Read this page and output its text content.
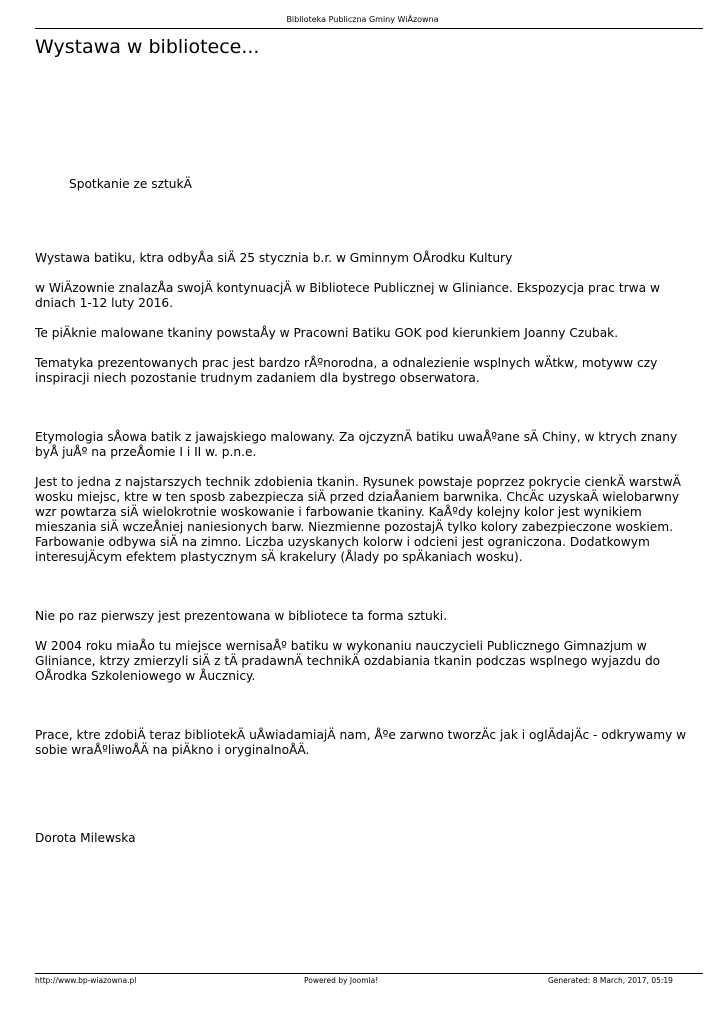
Biblioteka Publiczna Gminy WiÄzowna
Wystawa w bibliotece...
Spotkanie ze sztukÄ
Wystawa batiku, ktra odbyÅa siÄ 25 stycznia b.r. w Gminnym OÅrodku Kultury
w WiÄzownie znalazÅa swojÄ kontynuacjÄ w Bibliotece Publicznej w Gliniance. Ekspozycja prac trwa w dniach 1-12 luty 2016.
Te piÄknie malowane tkaniny powstaÅy w Pracowni Batiku GOK pod kierunkiem Joanny Czubak.
Tematyka prezentowanych prac jest bardzo rÅºnorodna, a odnalezienie wsplnych wÄtkw, motyww czy inspiracji niech pozostanie trudnym zadaniem dla bystrego obserwatora.
Etymologia sÅowa batik z jawajskiego malowany. Za ojczyznÄ batiku uwaÅºane sÄ Chiny, w ktrych znany byÅ juÅº na przeÅomie I i II w. p.n.e.
Jest to jedna z najstarszych technik zdobienia tkanin. Rysunek powstaje poprzez pokrycie cienkÄ warstwÄ wosku miejsc, ktre w ten sposb zabezpiecza siÄ przed dziaÅaniem barwnika. ChcÄc uzyskaÄ wielobarwny wzr powtarza siÄ wielokrotnie woskowanie i farbowanie tkaniny. KaÅºdy kolejny kolor jest wynikiem mieszania siÄ wczeÅniej naniesionych barw. Niezmienne pozostajÄ tylko kolory zabezpieczone woskiem. Farbowanie odbywa siÄ na zimno. Liczba uzyskanych kolorw i odcieni jest ograniczona. Dodatkowym interesujÄcym efektem plastycznym sÄ krakelury (Ålady po spÄkaniach wosku).
Nie po raz pierwszy jest prezentowana w bibliotece ta forma sztuki.
W 2004 roku miaÅo tu miejsce wernisaÅº batiku w wykonaniu nauczycieli Publicznego Gimnazjum w Gliniance, ktrzy zmierzyli siÄ z tÄ pradawnÄ technikÄ ozdabiania tkanin podczas wsplnego wyjazdu do OÅrodka Szkoleniowego w Åucznicy.
Prace, ktre zdobiÄ teraz bibliotekÄ uÅwiadamiajÄ nam, Åºe zarwno tworzÄc jak i oglÄdajÄc - odkrywamy w sobie wraÅºliwoÅÄ na piÄkno i oryginalnoÅÄ.
Dorota Milewska
http://www.bp-wiazowna.pl	Powered by Joomla!	Generated: 8 March, 2017, 05:19
